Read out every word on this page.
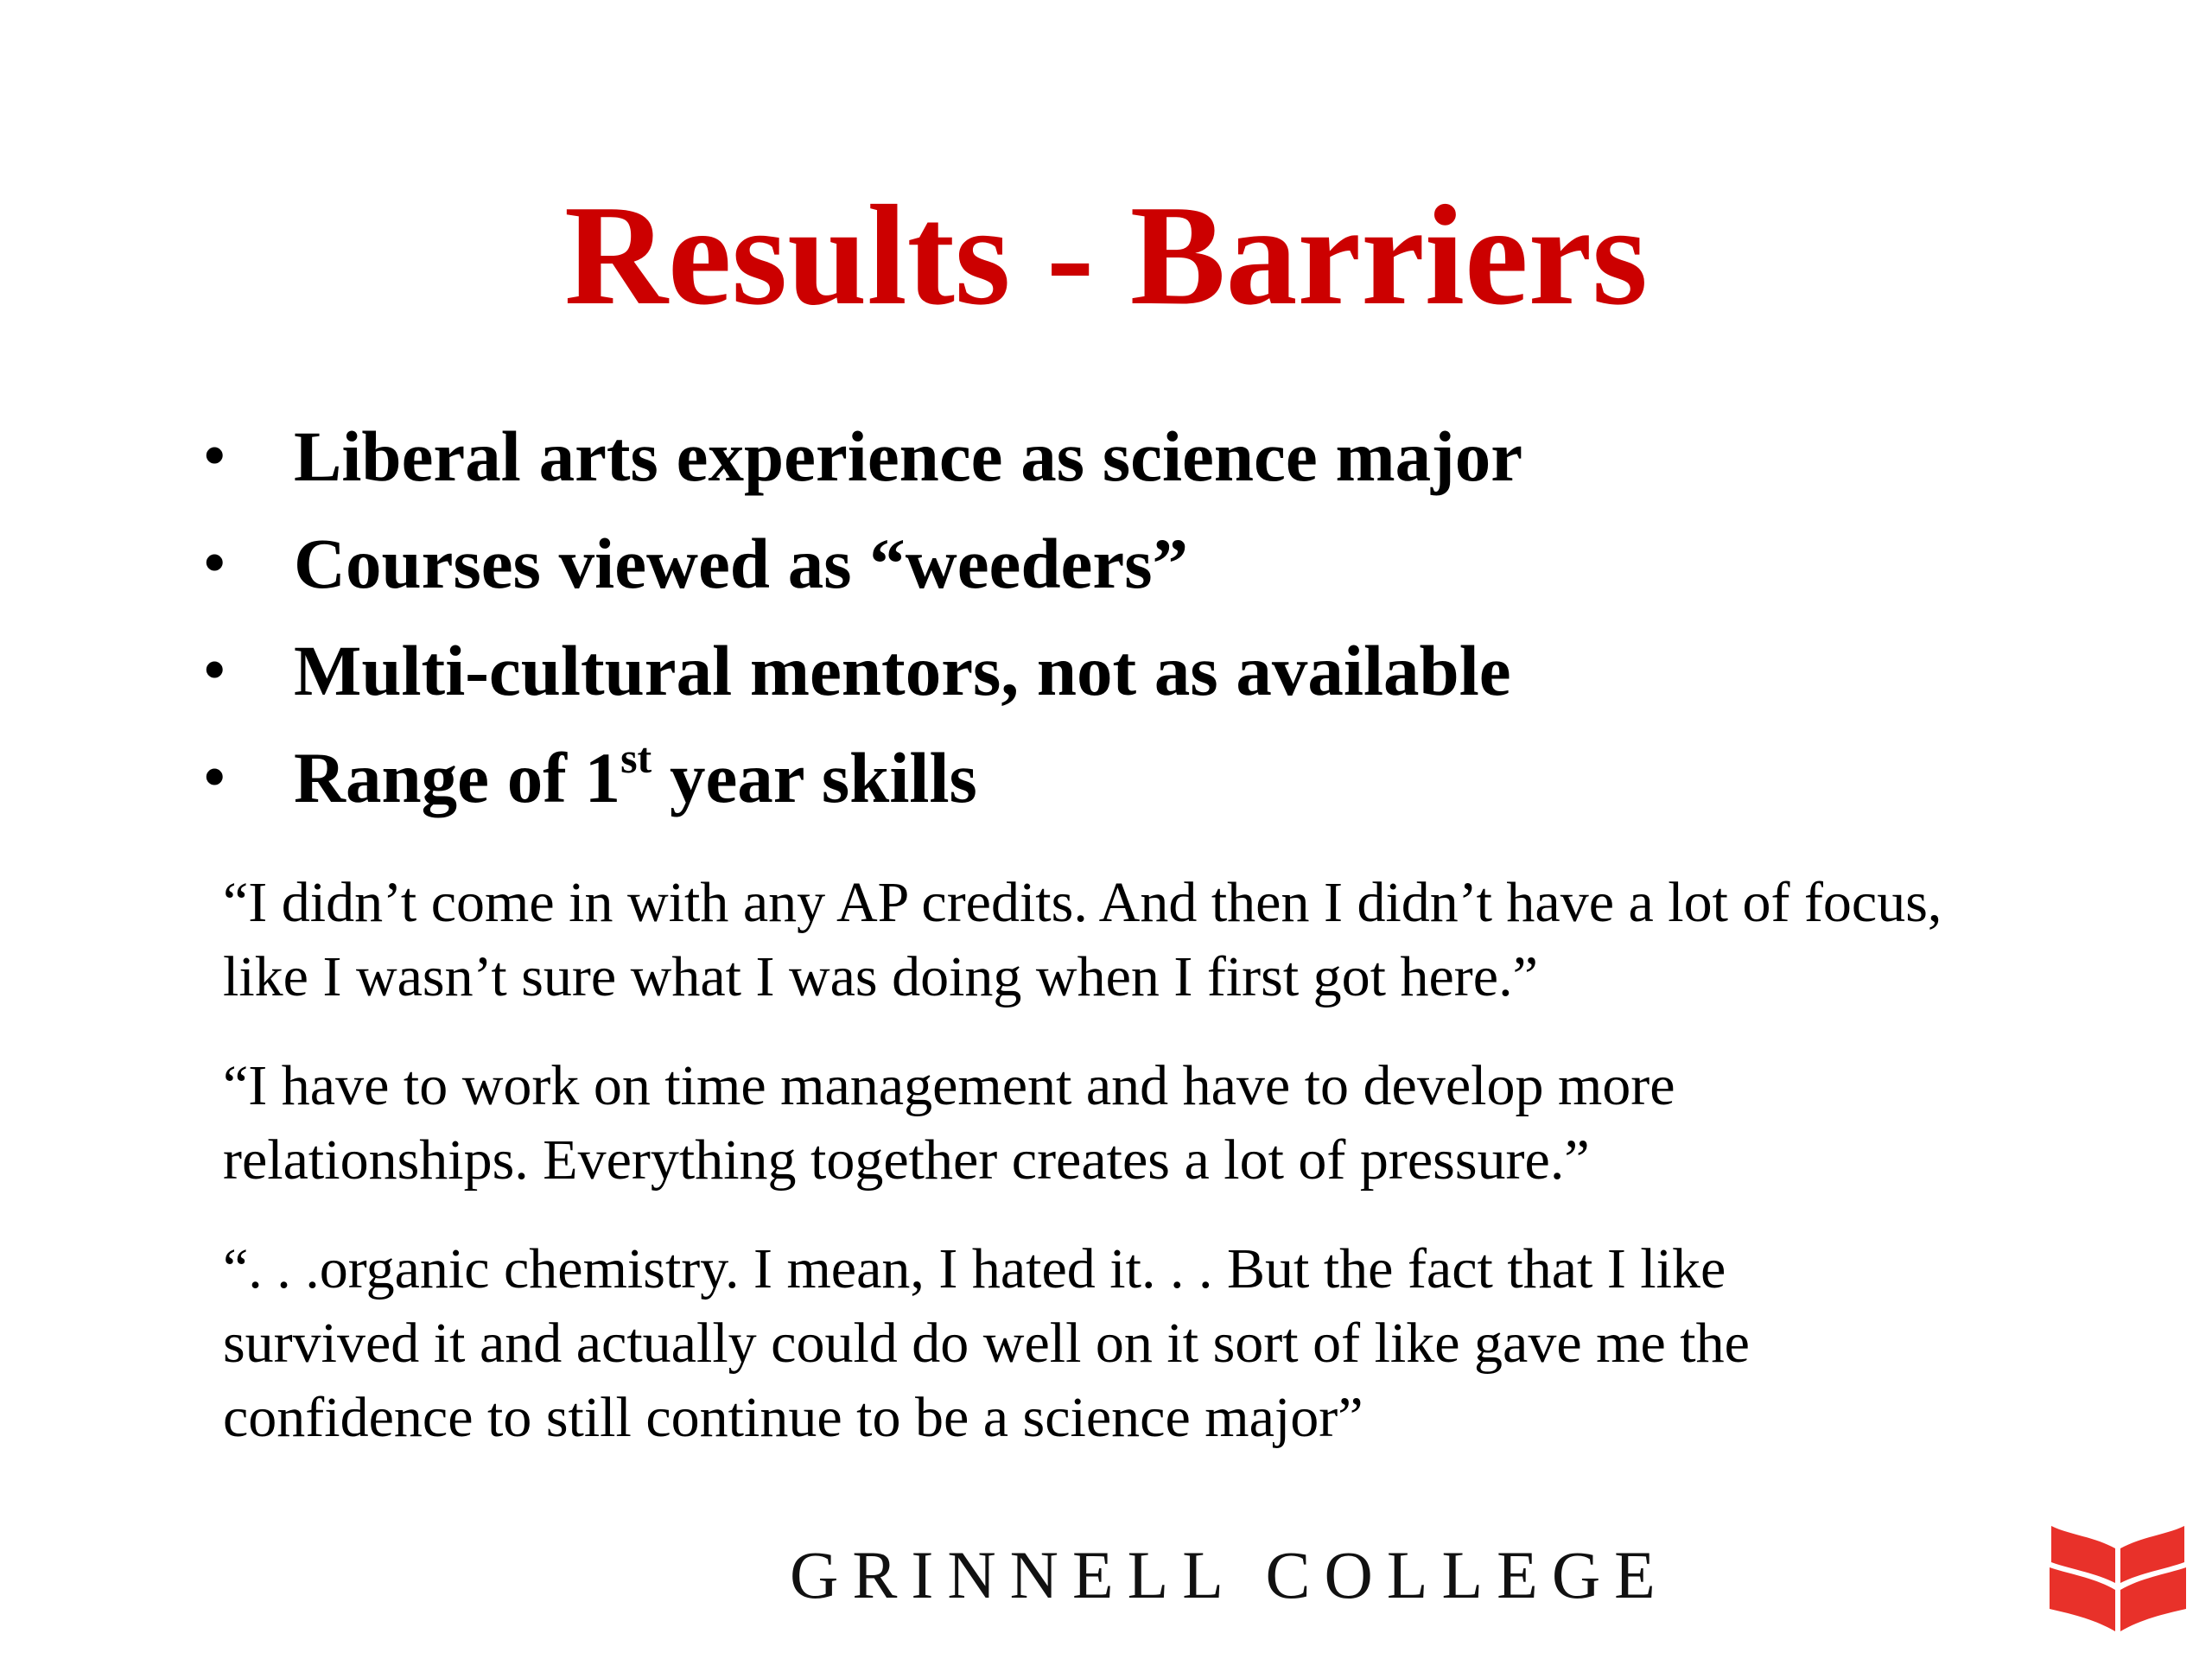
Results - Barriers
• Liberal arts experience as science major
• Courses viewed as “weeders”
• Multi-cultural mentors, not as available
• Range of 1st year skills

“I didn’t come in with any AP credits. And then I didn’t have a lot of focus,
like I wasn’t sure what I was doing when I first got here.”

“I have to work on time management and have to develop more
relationships. Everything together creates a lot of pressure.”

“. . .organic chemistry. I mean, I hated it. . . But the fact that I like
survived it and actually could do well on it sort of like gave me the
confidence to still continue to be a science major”

GRINNELL COLLEGE
